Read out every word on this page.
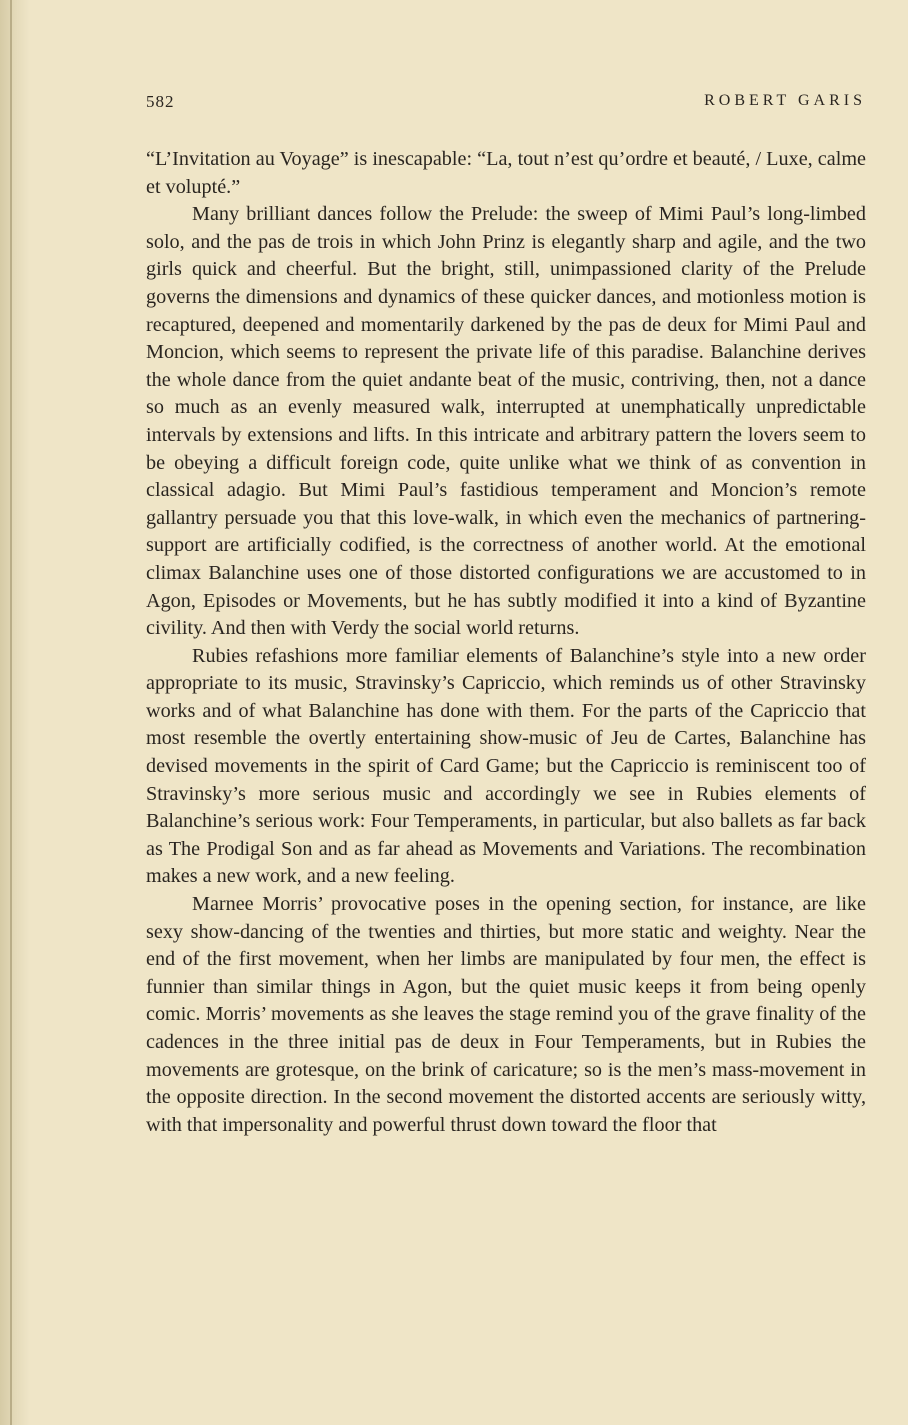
582	ROBERT GARIS

“L’Invitation au Voyage” is inescapable: “La, tout n’est qu’ordre et beauté, / Luxe, calme et volupté.”

Many brilliant dances follow the Prelude: the sweep of Mimi Paul’s long-limbed solo, and the pas de trois in which John Prinz is elegantly sharp and agile, and the two girls quick and cheerful. But the bright, still, unimpassioned clarity of the Prelude governs the dimensions and dynamics of these quicker dances, and motionless motion is recaptured, deepened and momentarily darkened by the pas de deux for Mimi Paul and Moncion, which seems to represent the private life of this paradise. Balanchine derives the whole dance from the quiet andante beat of the music, contriving, then, not a dance so much as an evenly measured walk, interrupted at unemphatically unpredictable intervals by extensions and lifts. In this intricate and arbitrary pattern the lovers seem to be obeying a difficult foreign code, quite unlike what we think of as convention in classical adagio. But Mimi Paul’s fastidious temperament and Moncion’s remote gallantry persuade you that this love-walk, in which even the mechanics of partnering-support are artificially codified, is the correctness of another world. At the emotional climax Balanchine uses one of those distorted configurations we are accustomed to in Agon, Episodes or Movements, but he has subtly modified it into a kind of Byzantine civility. And then with Verdy the social world returns.

Rubies refashions more familiar elements of Balanchine’s style into a new order appropriate to its music, Stravinsky’s Capriccio, which reminds us of other Stravinsky works and of what Balanchine has done with them. For the parts of the Capriccio that most resemble the overtly entertaining show-music of Jeu de Cartes, Balanchine has devised movements in the spirit of Card Game; but the Capriccio is reminiscent too of Stravinsky’s more serious music and accordingly we see in Rubies elements of Balanchine’s serious work: Four Temperaments, in particular, but also ballets as far back as The Prodigal Son and as far ahead as Movements and Variations. The recombination makes a new work, and a new feeling.

Marnee Morris’ provocative poses in the opening section, for instance, are like sexy show-dancing of the twenties and thirties, but more static and weighty. Near the end of the first movement, when her limbs are manipulated by four men, the effect is funnier than similar things in Agon, but the quiet music keeps it from being openly comic. Morris’ movements as she leaves the stage remind you of the grave finality of the cadences in the three initial pas de deux in Four Temperaments, but in Rubies the movements are grotesque, on the brink of caricature; so is the men’s mass-movement in the opposite direction. In the second movement the distorted accents are seriously witty, with that impersonality and powerful thrust down toward the floor that
